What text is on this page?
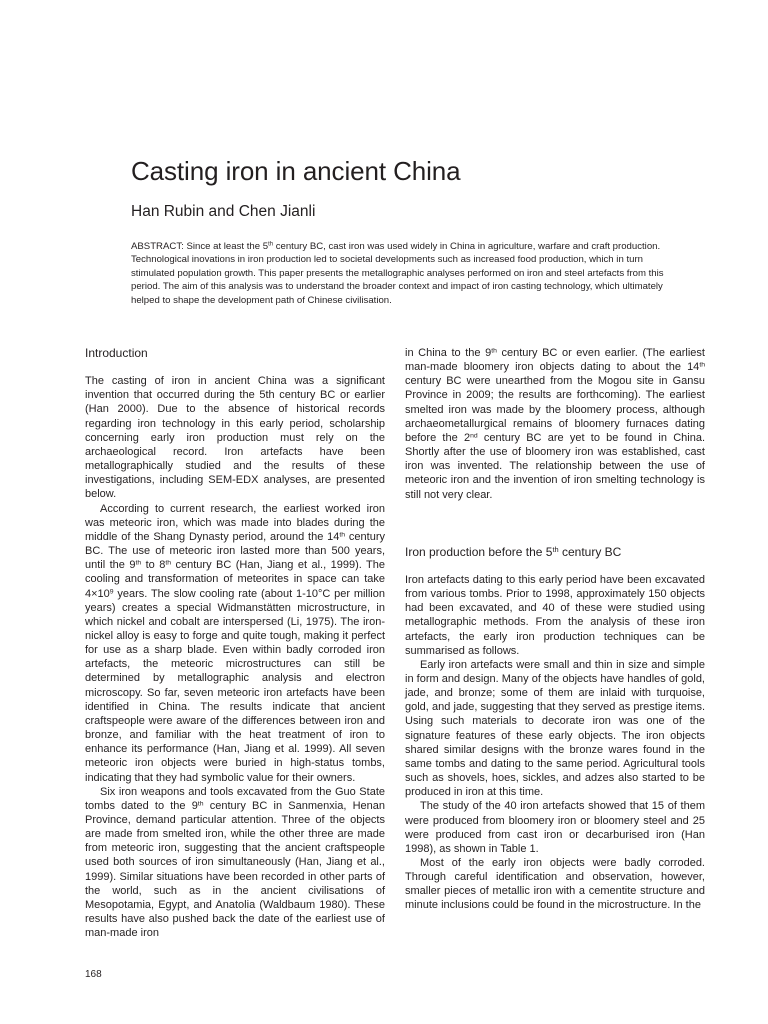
Casting iron in ancient China

Han Rubin and Chen Jianli

ABSTRACT: Since at least the 5th century BC, cast iron was used widely in China in agriculture, warfare and craft production. Technological inovations in iron production led to societal developments such as increased food production, which in turn stimulated population growth. This paper presents the metallographic analyses performed on iron and steel artefacts from this period. The aim of this analysis was to understand the broader context and impact of iron casting technology, which ultimately helped to shape the development path of Chinese civilisation.

Introduction

The casting of iron in ancient China was a significant invention that occurred during the 5th century BC or earlier (Han 2000). Due to the absence of historical records regarding iron technology in this early period, scholarship concerning early iron production must rely on the archaeological record. Iron artefacts have been metallographically studied and the results of these investigations, including SEM-EDX analyses, are presented below.

According to current research, the earliest worked iron was meteoric iron, which was made into blades during the middle of the Shang Dynasty period, around the 14th century BC. The use of meteoric iron lasted more than 500 years, until the 9th to 8th century BC (Han, Jiang et al., 1999). The cooling and transformation of meteorites in space can take $4\times 10^9$ years. The slow cooling rate (about 1-10°C per million years) creates a special Widmanstätten microstructure, in which nickel and cobalt are interspersed (Li, 1975). The iron-nickel alloy is easy to forge and quite tough, making it perfect for use as a sharp blade. Even within badly corroded iron artefacts, the meteoric microstructures can still be determined by metallographic analysis and electron microscopy. So far, seven meteoric iron artefacts have been identified in China. The results indicate that ancient craftspeople were aware of the differences between iron and bronze, and familiar with the heat treatment of iron to enhance its performance (Han, Jiang et al. 1999). All seven meteoric iron objects were buried in high-status tombs, indicating that they had symbolic value for their owners.

Six iron weapons and tools excavated from the Guo State tombs dated to the 9th century BC in Sanmenxia, Henan Province, demand particular attention. Three of the objects are made from smelted iron, while the other three are made from meteoric iron, suggesting that the ancient craftspeople used both sources of iron simultaneously (Han, Jiang et al., 1999). Similar situations have been recorded in other parts of the world, such as in the ancient civilisations of Mesopotamia, Egypt, and Anatolia (Waldbaum 1980). These results have also pushed back the date of the earliest use of man-made iron

in China to the 9th century BC or even earlier. (The earliest man-made bloomery iron objects dating to about the 14th century BC were unearthed from the Mogou site in Gansu Province in 2009; the results are forthcoming). The earliest smelted iron was made by the bloomery process, although archaeometallurgical remains of bloomery furnaces dating before the 2nd century BC are yet to be found in China. Shortly after the use of bloomery iron was established, cast iron was invented. The relationship between the use of meteoric iron and the invention of iron smelting technology is still not very clear.

Iron production before the 5th century BC

Iron artefacts dating to this early period have been excavated from various tombs. Prior to 1998, approximately 150 objects had been excavated, and 40 of these were studied using metallographic methods. From the analysis of these iron artefacts, the early iron production techniques can be summarised as follows.

Early iron artefacts were small and thin in size and simple in form and design. Many of the objects have handles of gold, jade, and bronze; some of them are inlaid with turquoise, gold, and jade, suggesting that they served as prestige items. Using such materials to decorate iron was one of the signature features of these early objects. The iron objects shared similar designs with the bronze wares found in the same tombs and dating to the same period. Agricultural tools such as shovels, hoes, sickles, and adzes also started to be produced in iron at this time.

The study of the 40 iron artefacts showed that 15 of them were produced from bloomery iron or bloomery steel and 25 were produced from cast iron or decarburised iron (Han 1998), as shown in Table 1.

Most of the early iron objects were badly corroded. Through careful identification and observation, however, smaller pieces of metallic iron with a cementite structure and minute inclusions could be found in the microstructure. In the

168
